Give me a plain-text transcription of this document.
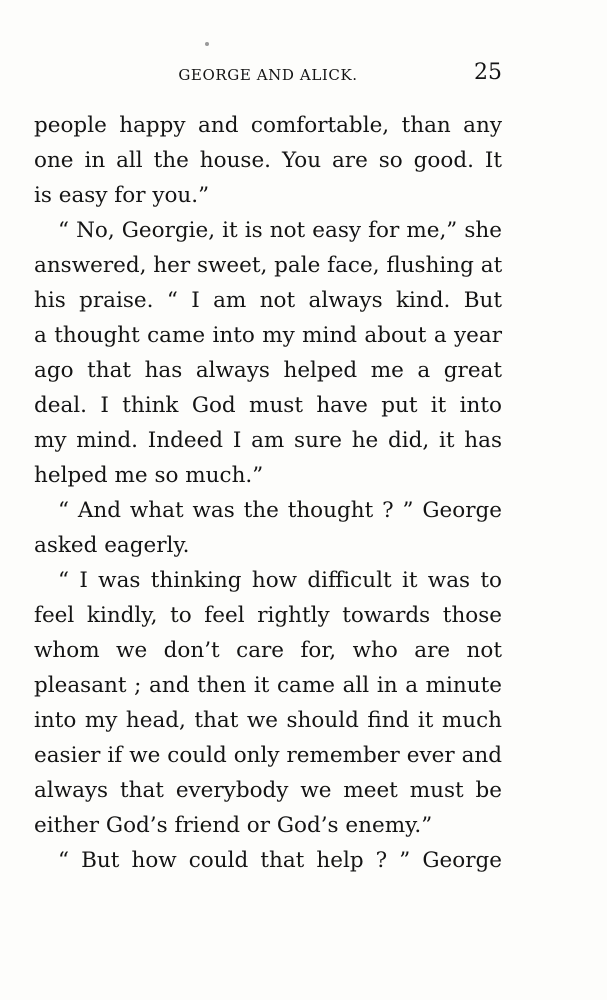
GEORGE AND ALICK.	25
people happy and comfortable, than any
one in all the house. You are so good. It
is easy for you.”
“ No, Georgie, it is not easy for me,” she
answered, her sweet, pale face, flushing at
his praise. “ I am not always kind. But
a thought came into my mind about a year
ago that has always helped me a great
deal. I think God must have put it into
my mind. Indeed I am sure he did, it has
helped me so much.”
“ And what was the thought ? ” George
asked eagerly.
“ I was thinking how difficult it was to
feel kindly, to feel rightly towards those
whom we don’t care for, who are not
pleasant ; and then it came all in a minute
into my head, that we should find it much
easier if we could only remember ever and
always that everybody we meet must be
either God’s friend or God’s enemy.”
“ But how could that help ? ” George
